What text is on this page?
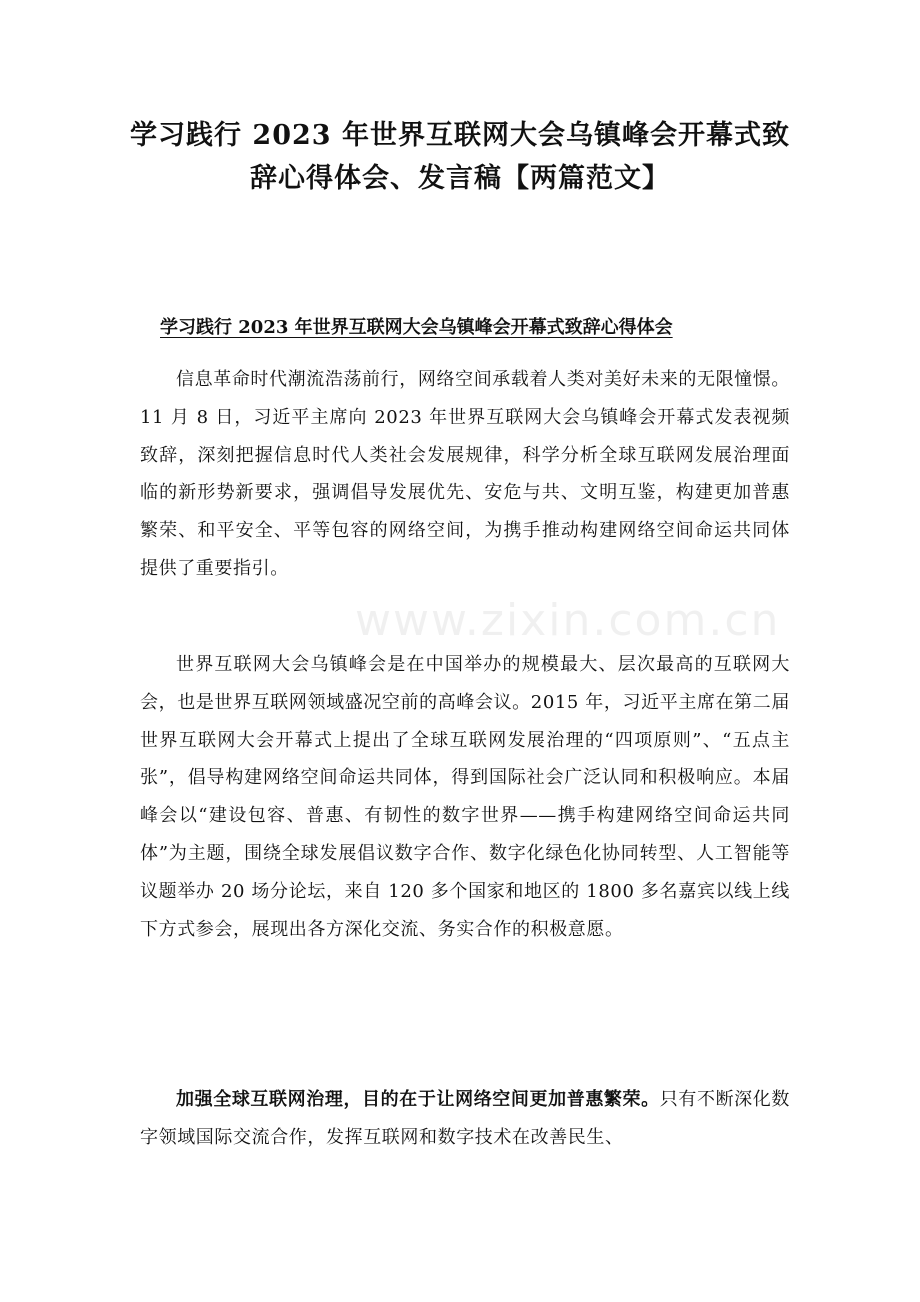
学习践行 2023 年世界互联网大会乌镇峰会开幕式致
辞心得体会、发言稿【两篇范文】
学习践行 2023 年世界互联网大会乌镇峰会开幕式致辞心得体会

信息革命时代潮流浩荡前行，网络空间承载着人类对美好未来的无限憧憬。11 月 8 日，习近平主席向 2023 年世界互联网大会乌镇峰会开幕式发表视频致辞，深刻把握信息时代人类社会发展规律，科学分析全球互联网发展治理面临的新形势新要求，强调倡导发展优先、安危与共、文明互鉴，构建更加普惠繁荣、和平安全、平等包容的网络空间，为携手推动构建网络空间命运共同体提供了重要指引。

世界互联网大会乌镇峰会是在中国举办的规模最大、层次最高的互联网大会，也是世界互联网领域盛况空前的高峰会议。2015 年，习近平主席在第二届世界互联网大会开幕式上提出了全球互联网发展治理的“四项原则”、“五点主张”，倡导构建网络空间命运共同体，得到国际社会广泛认同和积极响应。本届峰会以“建设包容、普惠、有韧性的数字世界——携手构建网络空间命运共同体”为主题，围绕全球发展倡议数字合作、数字化绿色化协同转型、人工智能等议题举办 20 场分论坛，来自 120 多个国家和地区的 1800 多名嘉宾以线上线下方式参会，展现出各方深化交流、务实合作的积极意愿。

加强全球互联网治理，目的在于让网络空间更加普惠繁荣。只有不断深化数字领域国际交流合作，发挥互联网和数字技术在改善民生、

www.zixin.com.cn
